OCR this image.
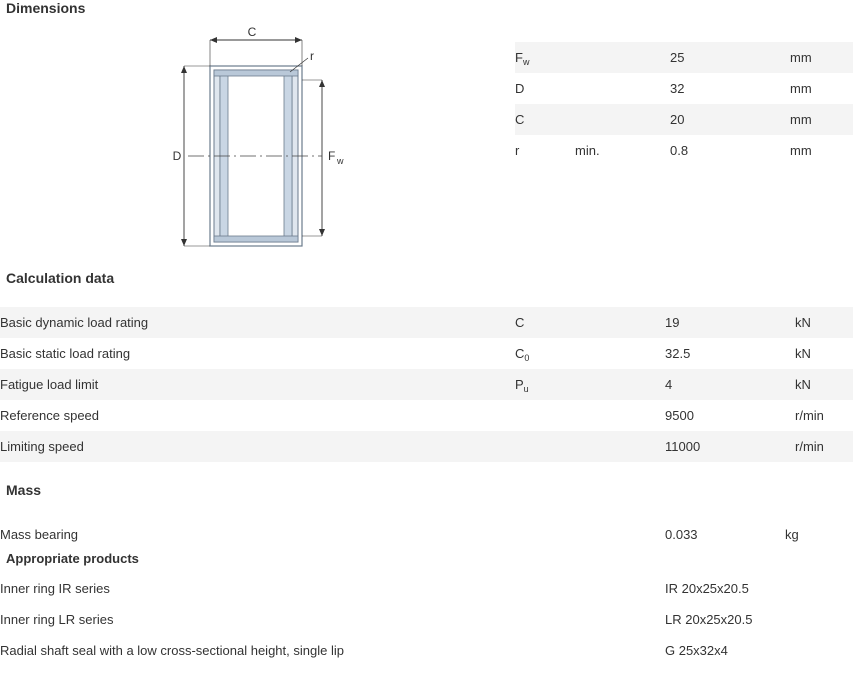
Dimensions
C
r
D	F w
$F_w$		25	mm
D		32	mm
C		20	mm
r	min.	0.8	mm
Calculation data
Basic dynamic load rating	C	19	kN
Basic static load rating	$C_0$	32.5	kN
Fatigue load limit	$P_u$	4	kN
Reference speed		9500	r/min
Limiting speed		11000	r/min
Mass
Mass bearing	0.033	kg
Appropriate products
Inner ring IR series	IR 20x25x20.5
Inner ring LR series	LR 20x25x20.5
Radial shaft seal with a low cross-sectional height, single lip	G 25x32x4
